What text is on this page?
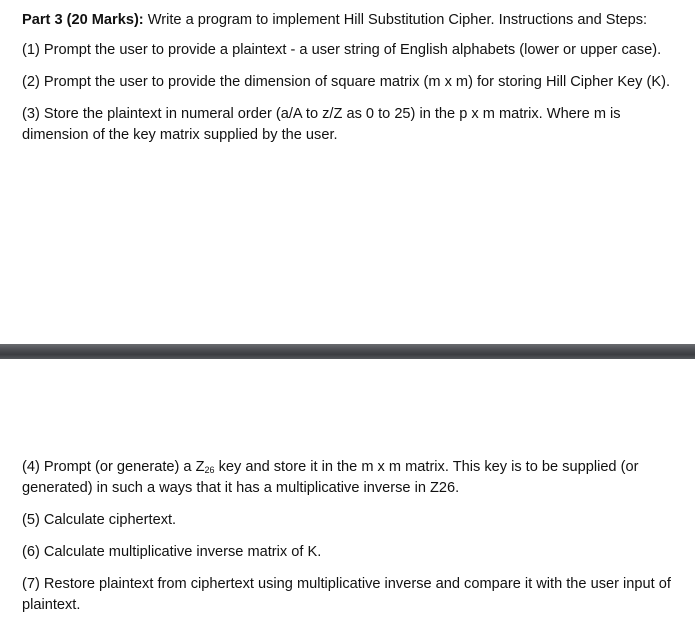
Part 3 (20 Marks): Write a program to implement Hill Substitution Cipher. Instructions and Steps:

(1) Prompt the user to provide a plaintext - a user string of English alphabets (lower or upper case).

(2) Prompt the user to provide the dimension of square matrix (m x m) for storing Hill Cipher Key (K).

(3) Store the plaintext in numeral order (a/A to z/Z as 0 to 25) in the p x m matrix. Where m is dimension of the key matrix supplied by the user.

(4) Prompt (or generate) a $Z_{26}$ key and store it in the m x m matrix. This key is to be supplied (or generated) in such a ways that it has a multiplicative inverse in Z26.

(5) Calculate ciphertext.

(6) Calculate multiplicative inverse matrix of K.

(7) Restore plaintext from ciphertext using multiplicative inverse and compare it with the user input of plaintext.
